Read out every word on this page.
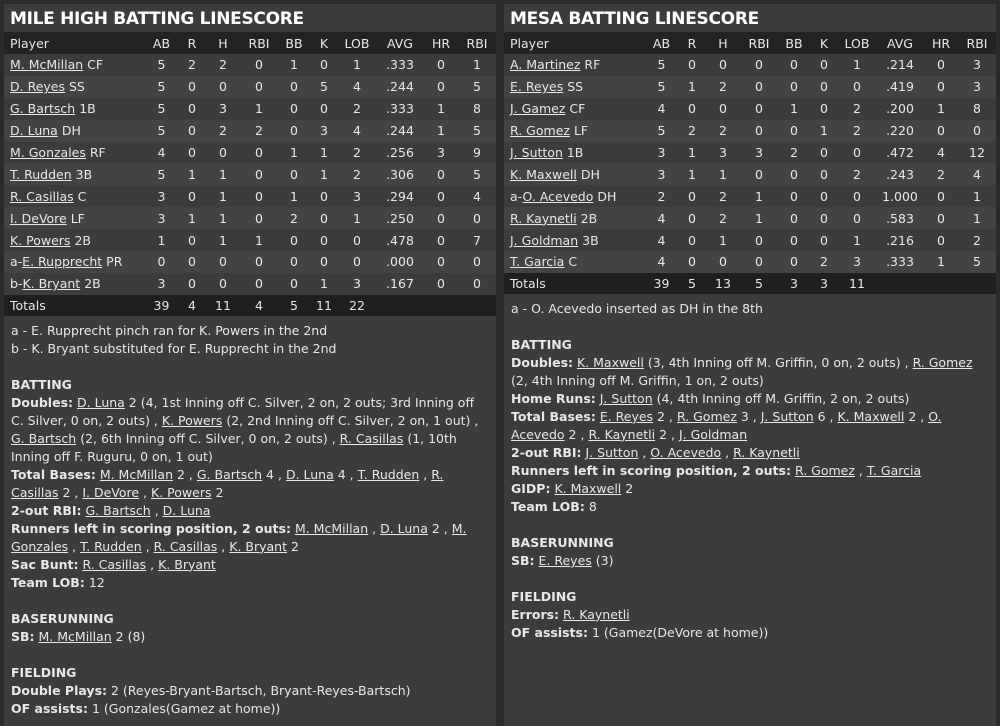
MILE HIGH BATTING LINESCORE
Player	AB	R	H	RBI	BB	K	LOB	AVG	HR	RBI
M. McMillan CF	5	2	2	0	1	0	1	.333	0	1
D. Reyes SS	5	0	0	0	0	5	4	.244	0	5
G. Bartsch 1B	5	0	3	1	0	0	2	.333	1	8
D. Luna DH	5	0	2	2	0	3	4	.244	1	5
M. Gonzales RF	4	0	0	0	1	1	2	.256	3	9
T. Rudden 3B	5	1	1	0	0	1	2	.306	0	5
R. Casillas C	3	0	1	0	1	0	3	.294	0	4
I. DeVore LF	3	1	1	0	2	0	1	.250	0	0
K. Powers 2B	1	0	1	1	0	0	0	.478	0	7
a-E. Rupprecht PR	0	0	0	0	0	0	0	.000	0	0
b-K. Bryant 2B	3	0	0	0	0	1	3	.167	0	0
Totals	39	4	11	4	5	11	22			
a - E. Rupprecht pinch ran for K. Powers in the 2nd
b - K. Bryant substituted for E. Rupprecht in the 2nd
BATTING

Doubles: D. Luna 2 (4, 1st Inning off C. Silver, 2 on, 2 outs; 3rd Inning off C. Silver, 0 on, 2 outs) , K. Powers (2, 2nd Inning off C. Silver, 2 on, 1 out) , G. Bartsch (2, 6th Inning off C. Silver, 0 on, 2 outs) , R. Casillas (1, 10th Inning off F. Ruguru, 0 on, 1 out)

Total Bases: M. McMillan 2 , G. Bartsch 4 , D. Luna 4 , T. Rudden , R. Casillas 2 , I. DeVore , K. Powers 2

2-out RBI: G. Bartsch , D. Luna

Runners left in scoring position, 2 outs: M. McMillan , D. Luna 2 , M. Gonzales , T. Rudden , R. Casillas , K. Bryant 2

Sac Bunt: R. Casillas , K. Bryant

Team LOB: 12

BASERUNNING

SB: M. McMillan 2 (8)

FIELDING

Double Plays: 2 (Reyes-Bryant-Bartsch, Bryant-Reyes-Bartsch)

OF assists: 1 (Gonzales(Gamez at home))

MESA BATTING LINESCORE
Player	AB	R	H	RBI	BB	K	LOB	AVG	HR	RBI
A. Martinez RF	5	0	0	0	0	0	1	.214	0	3
E. Reyes SS	5	1	2	0	0	0	0	.419	0	3
J. Gamez CF	4	0	0	0	1	0	2	.200	1	8
R. Gomez LF	5	2	2	0	0	1	2	.220	0	0
J. Sutton 1B	3	1	3	3	2	0	0	.472	4	12
K. Maxwell DH	3	1	1	0	0	0	2	.243	2	4
a-O. Acevedo DH	2	0	2	1	0	0	0	1.000	0	1
R. Kaynetli 2B	4	0	2	1	0	0	0	.583	0	1
J. Goldman 3B	4	0	1	0	0	0	1	.216	0	2
T. Garcia C	4	0	0	0	0	2	3	.333	1	5
Totals	39	5	13	5	3	3	11			
a - O. Acevedo inserted as DH in the 8th
BATTING

Doubles: K. Maxwell (3, 4th Inning off M. Griffin, 0 on, 2 outs) , R. Gomez (2, 4th Inning off M. Griffin, 1 on, 2 outs)

Home Runs: J. Sutton (4, 4th Inning off M. Griffin, 2 on, 2 outs)

Total Bases: E. Reyes 2 , R. Gomez 3 , J. Sutton 6 , K. Maxwell 2 , O. Acevedo 2 , R. Kaynetli 2 , J. Goldman

2-out RBI: J. Sutton , O. Acevedo , R. Kaynetli

Runners left in scoring position, 2 outs: R. Gomez , T. Garcia

GIDP: K. Maxwell 2

Team LOB: 8

BASERUNNING

SB: E. Reyes (3)

FIELDING

Errors: R. Kaynetli

OF assists: 1 (Gamez(DeVore at home))
